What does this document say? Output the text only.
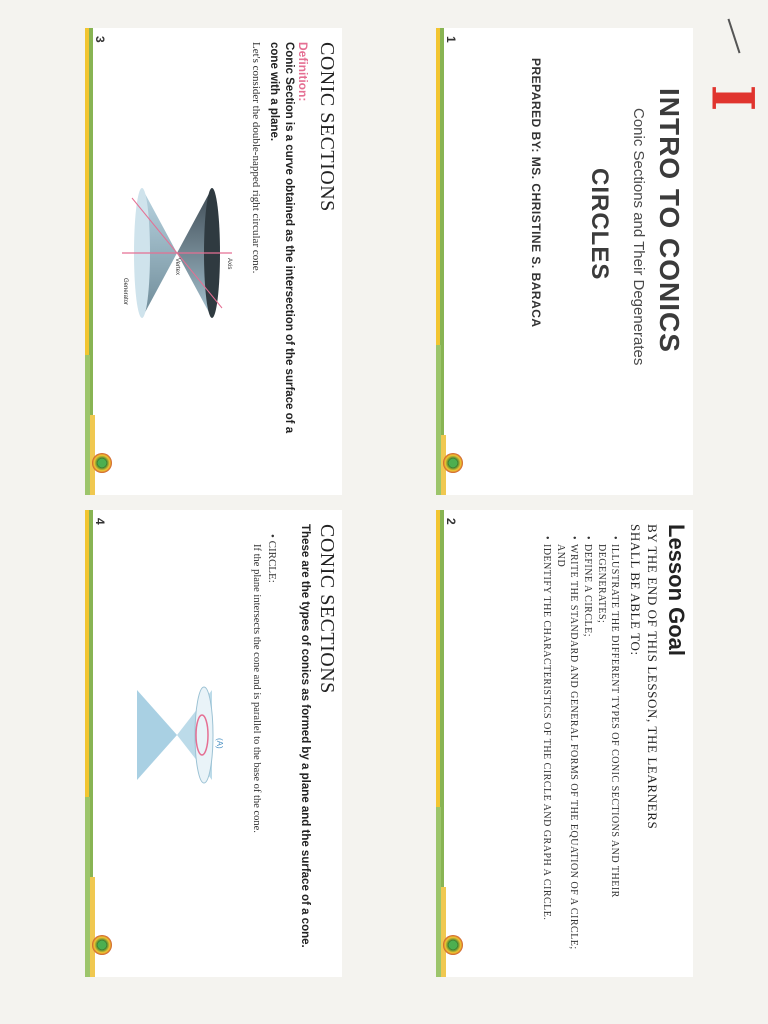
I
1
INTRO TO CONICS
Conic Sections and Their Degenerates
CIRCLES
PREPARED BY: MS. CHRISTINE S. BARACA
2
Lesson Goal
BY THE END OF THIS LESSON, THE LEARNERS
SHALL BE ABLE TO:
• ILLUSTRATE THE DIFFERENT TYPES OF CONIC SECTIONS AND THEIR DEGENERATES;
• DEFINE A CIRCLE;
• WRITE THE STANDARD AND GENERAL FORMS OF THE EQUATION OF A CIRCLE; AND
• IDENTIFY THE CHARACTERISTICS OF THE CIRCLE AND GRAPH A CIRCLE.
3
CONIC SECTIONS
Definition:
Conic Section is a curve obtained as the intersection of the surface of a cone with a plane.
Let's consider the double-napped right circular cone.
Axis
Vertex
Generator
4
CONIC SECTIONS
These are the types of conics as formed by a plane and the surface of a cone.
• CIRCLE:
If the plane intersects the cone and is parallel to the base of the cone.
(A)
